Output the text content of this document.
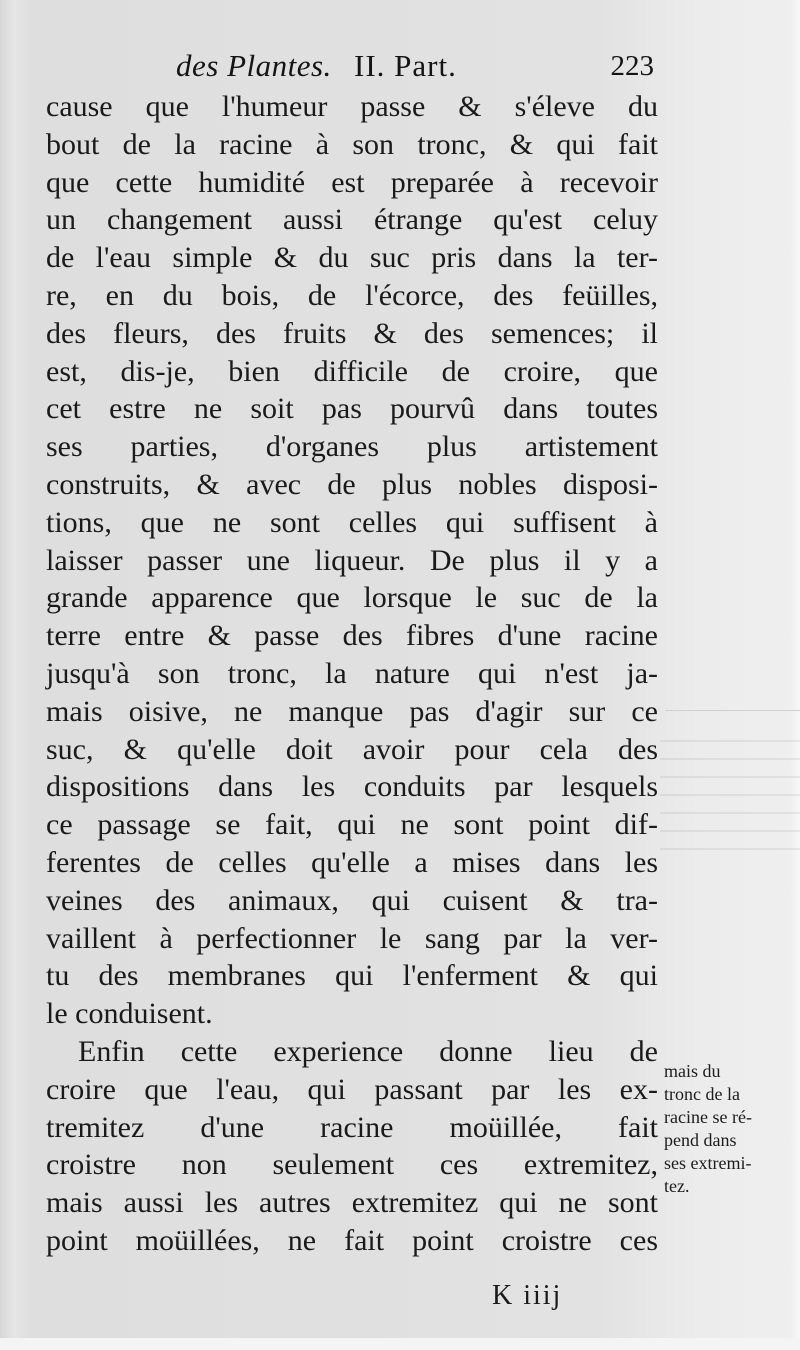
des Plantes. II. Part.	223
cause que l'humeur passe & s'éleve du
bout de la racine à son tronc, & qui fait
que cette humidité est preparée à recevoir
un changement aussi étrange qu'est celuy
de l'eau simple & du suc pris dans la ter-
re, en du bois, de l'écorce, des feüilles,
des fleurs, des fruits & des semences; il
est, dis-je, bien difficile de croire, que
cet estre ne soit pas pourvû dans toutes
ses parties, d'organes plus artistement
construits, & avec de plus nobles disposi-
tions, que ne sont celles qui suffisent à
laisser passer une liqueur. De plus il y a
grande apparence que lorsque le suc de la
terre entre & passe des fibres d'une racine
jusqu'à son tronc, la nature qui n'est ja-
mais oisive, ne manque pas d'agir sur ce
suc, & qu'elle doit avoir pour cela des
dispositions dans les conduits par lesquels
ce passage se fait, qui ne sont point dif-
ferentes de celles qu'elle a mises dans les
veines des animaux, qui cuisent & tra-
vaillent à perfectionner le sang par la ver-
tu des membranes qui l'enferment & qui
le conduisent.
Enfin cette experience donne lieu de
croire que l'eau, qui passant par les ex-
tremitez d'une racine moüillée, fait
croistre non seulement ces extremitez,
mais aussi les autres extremitez qui ne sont
point moüillées, ne fait point croistre ces
mais du
tronc de la
racine se ré-
pend dans
ses extremi-
tez.
K iiij
